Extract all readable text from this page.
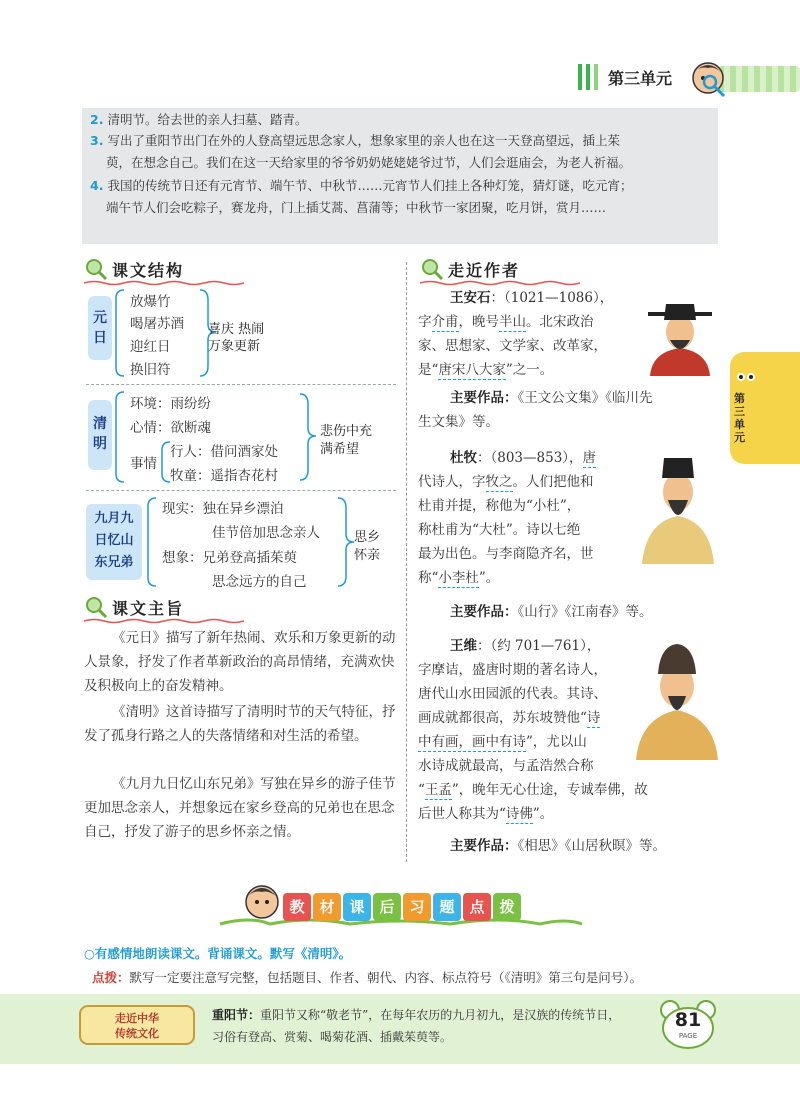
第三单元
2. 清明节。给去世的亲人扫墓、踏青。
3. 写出了重阳节出门在外的人登高望远思念家人，想象家里的亲人也在这一天登高望远，插上茱
萸，在想念自己。我们在这一天给家里的爷爷奶奶姥姥姥爷过节，人们会逛庙会，为老人祈福。
4. 我国的传统节日还有元宵节、端午节、中秋节……元宵节人们挂上各种灯笼，猜灯谜，吃元宵；
端午节人们会吃粽子，赛龙舟，门上插艾蒿、菖蒲等；中秋节一家团聚，吃月饼，赏月……
课文结构
元日
放爆竹
喝屠苏酒
迎红日
换旧符
喜庆 热闹
万象更新
清明
环境：雨纷纷
心情：欲断魂
事情
行人：借问酒家处
牧童：遥指杏花村
悲伤中充
满希望
九月九
日忆山
东兄弟
现实：独在异乡漂泊
佳节倍加思念亲人
想象：兄弟登高插茱萸
思念远方的自己
思乡
怀亲
课文主旨
《元日》描写了新年热闹、欢乐和万象更新的动人景象，抒发了作者革新政治的高昂情绪，充满欢快及积极向上的奋发精神。
《清明》这首诗描写了清明时节的天气特征，抒发了孤身行路之人的失落情绪和对生活的希望。
《九月九日忆山东兄弟》写独在异乡的游子佳节更加思念亲人，并想象远在家乡登高的兄弟也在思念自己，抒发了游子的思乡怀亲之情。
走近作者
王安石：（1021—1086），
字介甫，晚号半山。北宋政治
家、思想家、文学家、改革家，
是“唐宋八大家”之一。
主要作品：《王文公文集》《临川先
生文集》等。
杜牧：（803—853），唐
代诗人，字牧之。人们把他和
杜甫并提，称他为“小杜”，
称杜甫为“大杜”。诗以七绝
最为出色。与李商隐齐名，世
称“小李杜”。
主要作品：《山行》《江南春》等。
王维：（约 701—761），
字摩诘，盛唐时期的著名诗人，
唐代山水田园派的代表。其诗、
画成就都很高，苏东坡赞他“诗
中有画，画中有诗”，尤以山
水诗成就最高，与孟浩然合称
“王孟”，晚年无心仕途，专诚奉佛，故
后世人称其为“诗佛”。
主要作品：《相思》《山居秋暝》等。
第三单元
教 材 课 后 习 题 点 拨
○有感情地朗读课文。背诵课文。默写《清明》。
点拨：默写一定要注意写完整，包括题目、作者、朝代、内容、标点符号（《清明》第三句是问号）。
走近中华
传统文化
重阳节：重阳节又称“敬老节”，在每年农历的九月初九，是汉族的传统节日，
习俗有登高、赏菊、喝菊花酒、插戴茱萸等。
81
PAGE
